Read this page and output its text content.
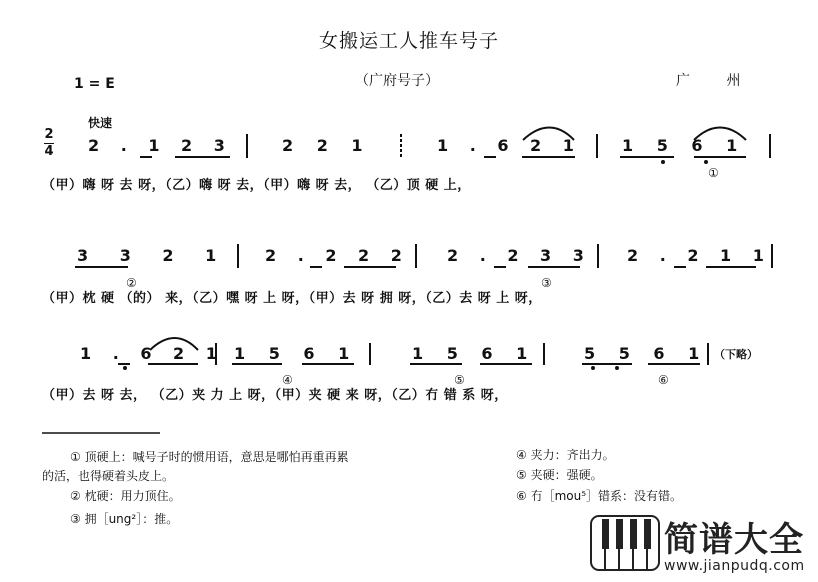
女搬运工人推车号子
1 = E	（广府号子）	广 州
快速
2
4 2 . 1 2 3	2 2 1	1 . 6 2 1	1 5 6 1
（甲）嗨 呀 去 呀，（乙）嗨 呀 去，（甲）嗨 呀 去， （乙）顶 硬 上，
①
3 3 2 1	2 . 2 2 2	2 . 2 3 3	2 . 2 1 1
（甲）枕 硬 （的） 来，（乙）嘿 呀 上 呀，（甲）去 呀 拥 呀，（乙）去 呀 上 呀，
②	③
1 . 6 2 1 1 5 6 1	1 5 6 1	5 5 6 1 （下略）
（甲）去 呀 去， （乙）夹 力 上 呀，（甲）夹 硬 来 呀，（乙）冇 错 系 呀，
④	⑤	⑥
① 顶硬上：喊号子时的惯用语，意思是哪怕再重再累
的活，也得硬着头皮上。
② 枕硬：用力顶住。
③ 拥［ung²］：推。
④ 夹力：齐出力。
⑤ 夹硬：强硬。
⑥ 冇［mou⁵］错系：没有错。
简谱大全
www.jianpudq.com
